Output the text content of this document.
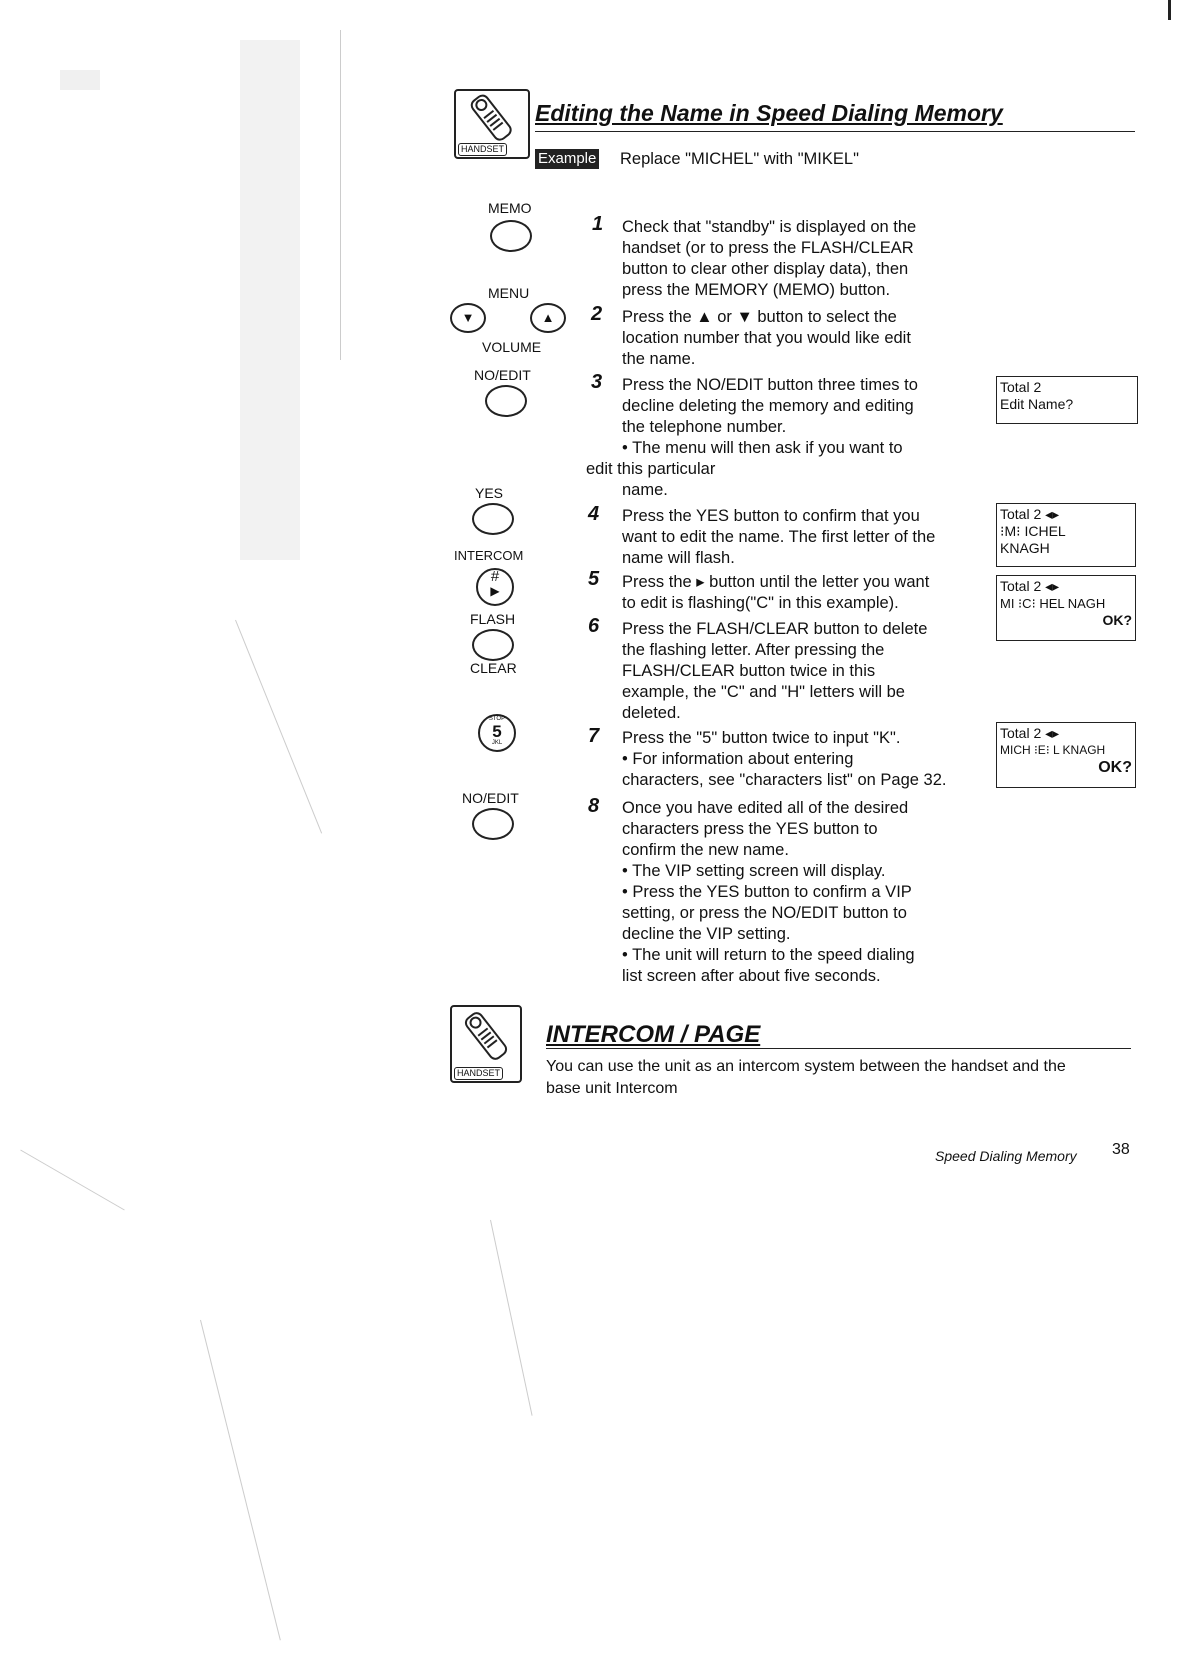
HANDSET
Editing the Name in Speed Dialing Memory
Example Replace "MICHEL" with "MIKEL"
MEMO
MENU
▼	▲
VOLUME
NO/EDIT
YES
INTERCOM
#
▶
FLASH
CLEAR
STOP
5
JKL
NO/EDIT
1 Check that "standby" is displayed on the
handset (or to press the FLASH/CLEAR
button to clear other display data), then
press the MEMORY (MEMO) button.
2 Press the ▲ or ▼ button to select the
location number that you would like edit
the name.
3 Press the NO/EDIT button three times to
decline deleting the memory and editing
the telephone number.
• The menu will then ask if you want to
edit this particular
name.
4 Press the YES button to confirm that you
want to edit the name. The first letter of the
name will flash.
5 Press the ▸ button until the letter you want
to edit is flashing("C" in this example).
6 Press the FLASH/CLEAR button to delete
the flashing letter. After pressing the
FLASH/CLEAR button twice in this
example, the "C" and "H" letters will be
deleted.
7 Press the "5" button twice to input "K".
• For information about entering
characters, see "characters list" on Page 32.
8 Once you have edited all of the desired
characters press the YES button to
confirm the new name.
• The VIP setting screen will display.
• Press the YES button to confirm a VIP
setting, or press the NO/EDIT button to
decline the VIP setting.
• The unit will return to the speed dialing
list screen after about five seconds.
Total 2
Edit Name?
Total 2 ◂▸
⁝M⁝ ICHEL
KNAGH
Total 2 ◂▸
MI ⁝C⁝ HEL NAGH
OK?
Total 2 ◂▸
MICH ⁝E⁝ L KNAGH
OK?
HANDSET
INTERCOM / PAGE
You can use the unit as an intercom system between the handset and the
base unit Intercom
Speed Dialing Memory 38
